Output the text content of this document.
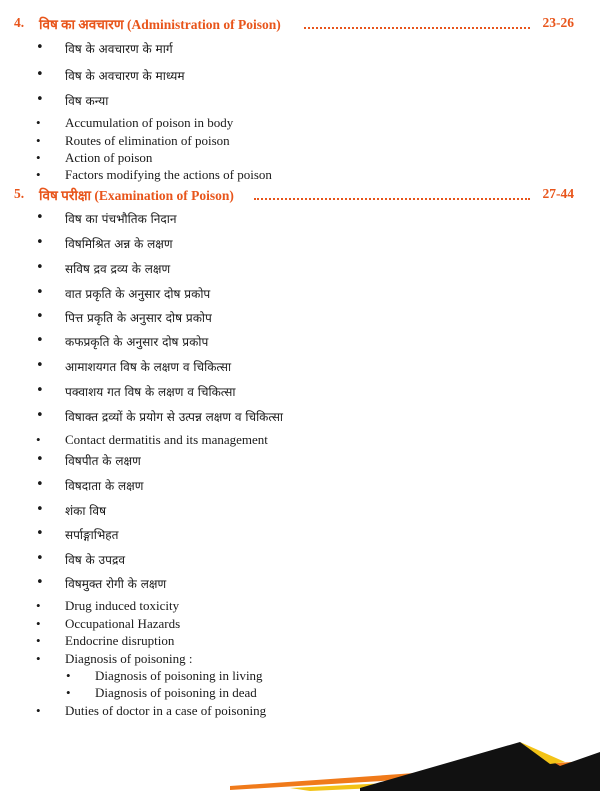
4.	विष का अवचारण (Administration of Poison)	23-26
• विष के अवचारण के मार्ग
• विष के अवचारण के माध्यम
• विष कन्या
• Accumulation of poison in body
• Routes of elimination of poison
• Action of poison
• Factors modifying the actions of poison
5.	विष परीक्षा (Examination of Poison)	27-44
• विष का पंचभौतिक निदान
• विषमिश्रित अन्न के लक्षण
• सविष द्रव द्रव्य के लक्षण
• वात प्रकृति के अनुसार दोष प्रकोप
• पित्त प्रकृति के अनुसार दोष प्रकोप
• कफप्रकृति के अनुसार दोष प्रकोप
• आमाशयगत विष के लक्षण व चिकित्सा
• पक्वाशय गत विष के लक्षण व चिकित्सा
• विषाक्त द्रव्यों के प्रयोग से उत्पन्न लक्षण व चिकित्सा
• Contact dermatitis and its management
• विषपीत के लक्षण
• विषदाता के लक्षण
• शंका विष
• सर्पाङ्गाभिहत
• विष के उपद्रव
• विषमुक्त रोगी के लक्षण
• Drug induced toxicity
• Occupational Hazards
• Endocrine disruption
• Diagnosis of poisoning :
• Diagnosis of poisoning in living
• Diagnosis of poisoning in dead
• Duties of doctor in a case of poisoning
